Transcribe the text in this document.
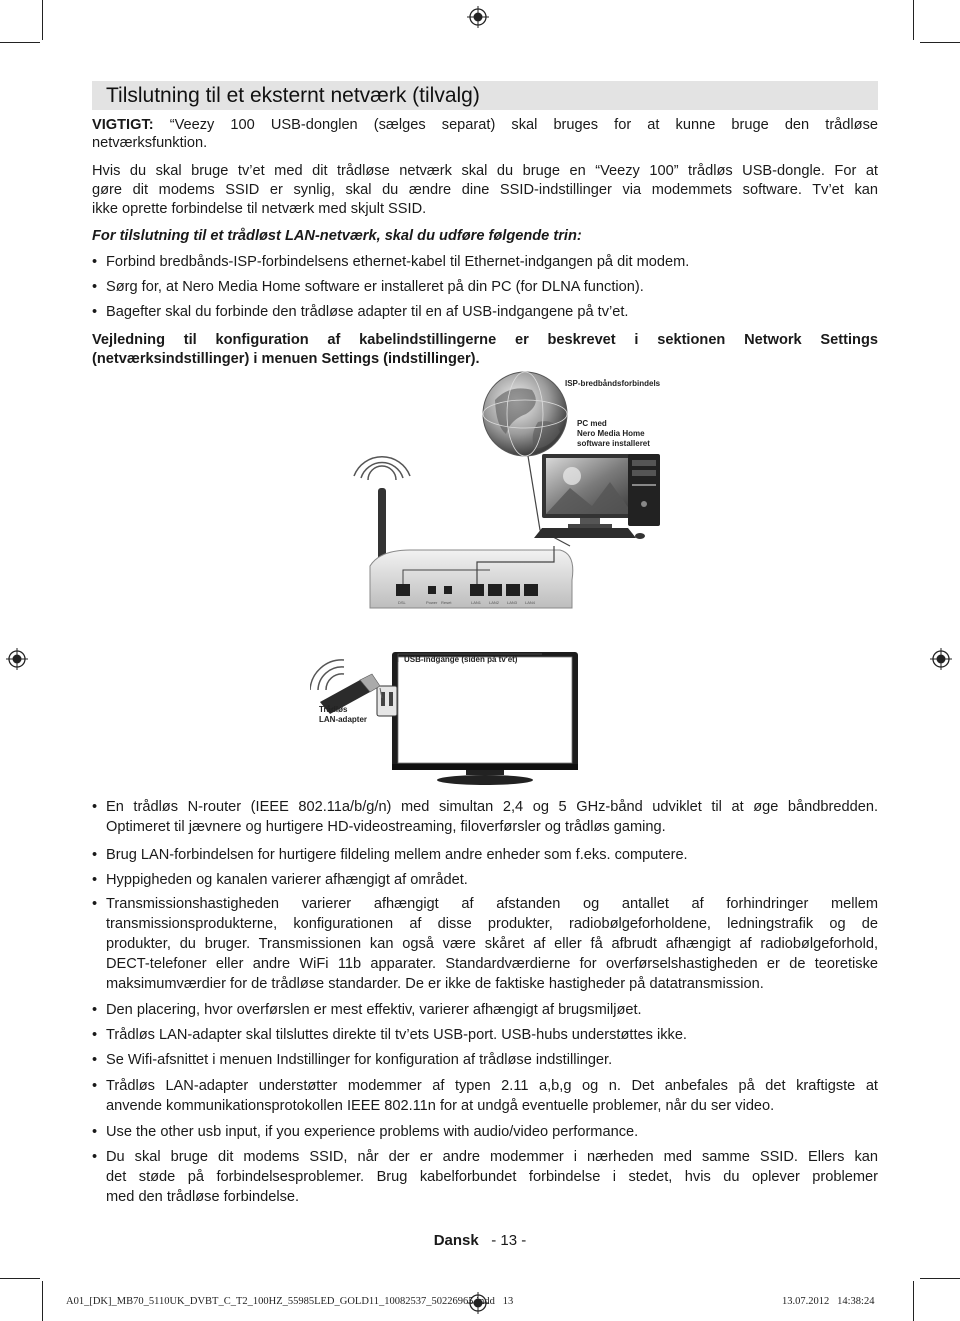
Tilslutning til et eksternt netværk (tilvalg)

VIGTIGT: “Veezy 100 USB-donglen (sælges separat) skal bruges for at kunne bruge den trådløse

netværksfunktion.

Hvis du skal bruge tv’et med dit trådløse netværk skal du bruge en “Veezy 100” trådløs USB-dongle. For at

gøre dit modems SSID er synlig, skal du ændre dine SSID-indstillinger via modemmets software. Tv’et kan

ikke oprette forbindelse til netværk med skjult SSID.

For tilslutning til et trådløst LAN-netværk, skal du udføre følgende trin:

• Forbind bredbånds-ISP-forbindelsens ethernet-kabel til Ethernet-indgangen på dit modem.

• Sørg for, at Nero Media Home software er installeret på din PC (for DLNA function).

• Bagefter skal du forbinde den trådløse adapter til en af USB-indgangene på tv’et.

Vejledning til konfiguration af kabelindstillingerne er beskrevet i sektionen Network Settings

(netværksindstillinger) i menuen Settings (indstillinger).

DSL	Power Reset	LAN1 LAN2 LAN3 LAN4
ISP-bredbåndsforbindels
PC med
Nero Media Home
software installeret
USB-indgange (siden på tv'et)
Trådløs
LAN-adapter
• En trådløs N-router (IEEE 802.11a/b/g/n) med simultan 2,4 og 5 GHz-bånd udviklet til at øge båndbredden.

Optimeret til jævnere og hurtigere HD-videostreaming, filoverførsler og trådløs gaming.

• Brug LAN-forbindelsen for hurtigere fildeling mellem andre enheder som f.eks. computere.

• Hyppigheden og kanalen varierer afhængigt af området.

• Transmissionshastigheden varierer afhængigt af afstanden og antallet af forhindringer mellem

transmissionsprodukterne, konfigurationen af disse produkter, radiobølgeforholdene, ledningstrafik og de

produkter, du bruger. Transmissionen kan også være skåret af eller få afbrudt afhængigt af radiobølgeforhold,

DECT-telefoner eller andre WiFi 11b apparater. Standardværdierne for overførselshastigheden er de teoretiske

maksimumværdier for de trådløse standarder. De er ikke de faktiske hastigheder på datatransmission.

• Den placering, hvor overførslen er mest effektiv, varierer afhængigt af brugsmiljøet.

• Trådløs LAN-adapter skal tilsluttes direkte til tv’ets USB-port. USB-hubs understøttes ikke.

• Se Wifi-afsnittet i menuen Indstillinger for konfiguration af trådløse indstillinger.

• Trådløs LAN-adapter understøtter modemmer af typen 2.11 a,b,g og n. Det anbefales på det kraftigste at

anvende kommunikationsprotokollen IEEE 802.11n for at undgå eventuelle problemer, når du ser video.

• Use the other usb input, if you experience problems with audio/video performance.

• Du skal bruge dit modems SSID, når der er andre modemmer i nærheden med samme SSID. Ellers kan

det støde på forbindelsesproblemer. Brug kabelforbundet forbindelse i stedet, hvis du oplever problemer

med den trådløse forbindelse.

Dansk - 13 -
A01_[DK]_MB70_5110UK_DVBT_C_T2_100HZ_55985LED_GOLD11_10082537_50226965.indd   13	13.07.2012   14:38:24
